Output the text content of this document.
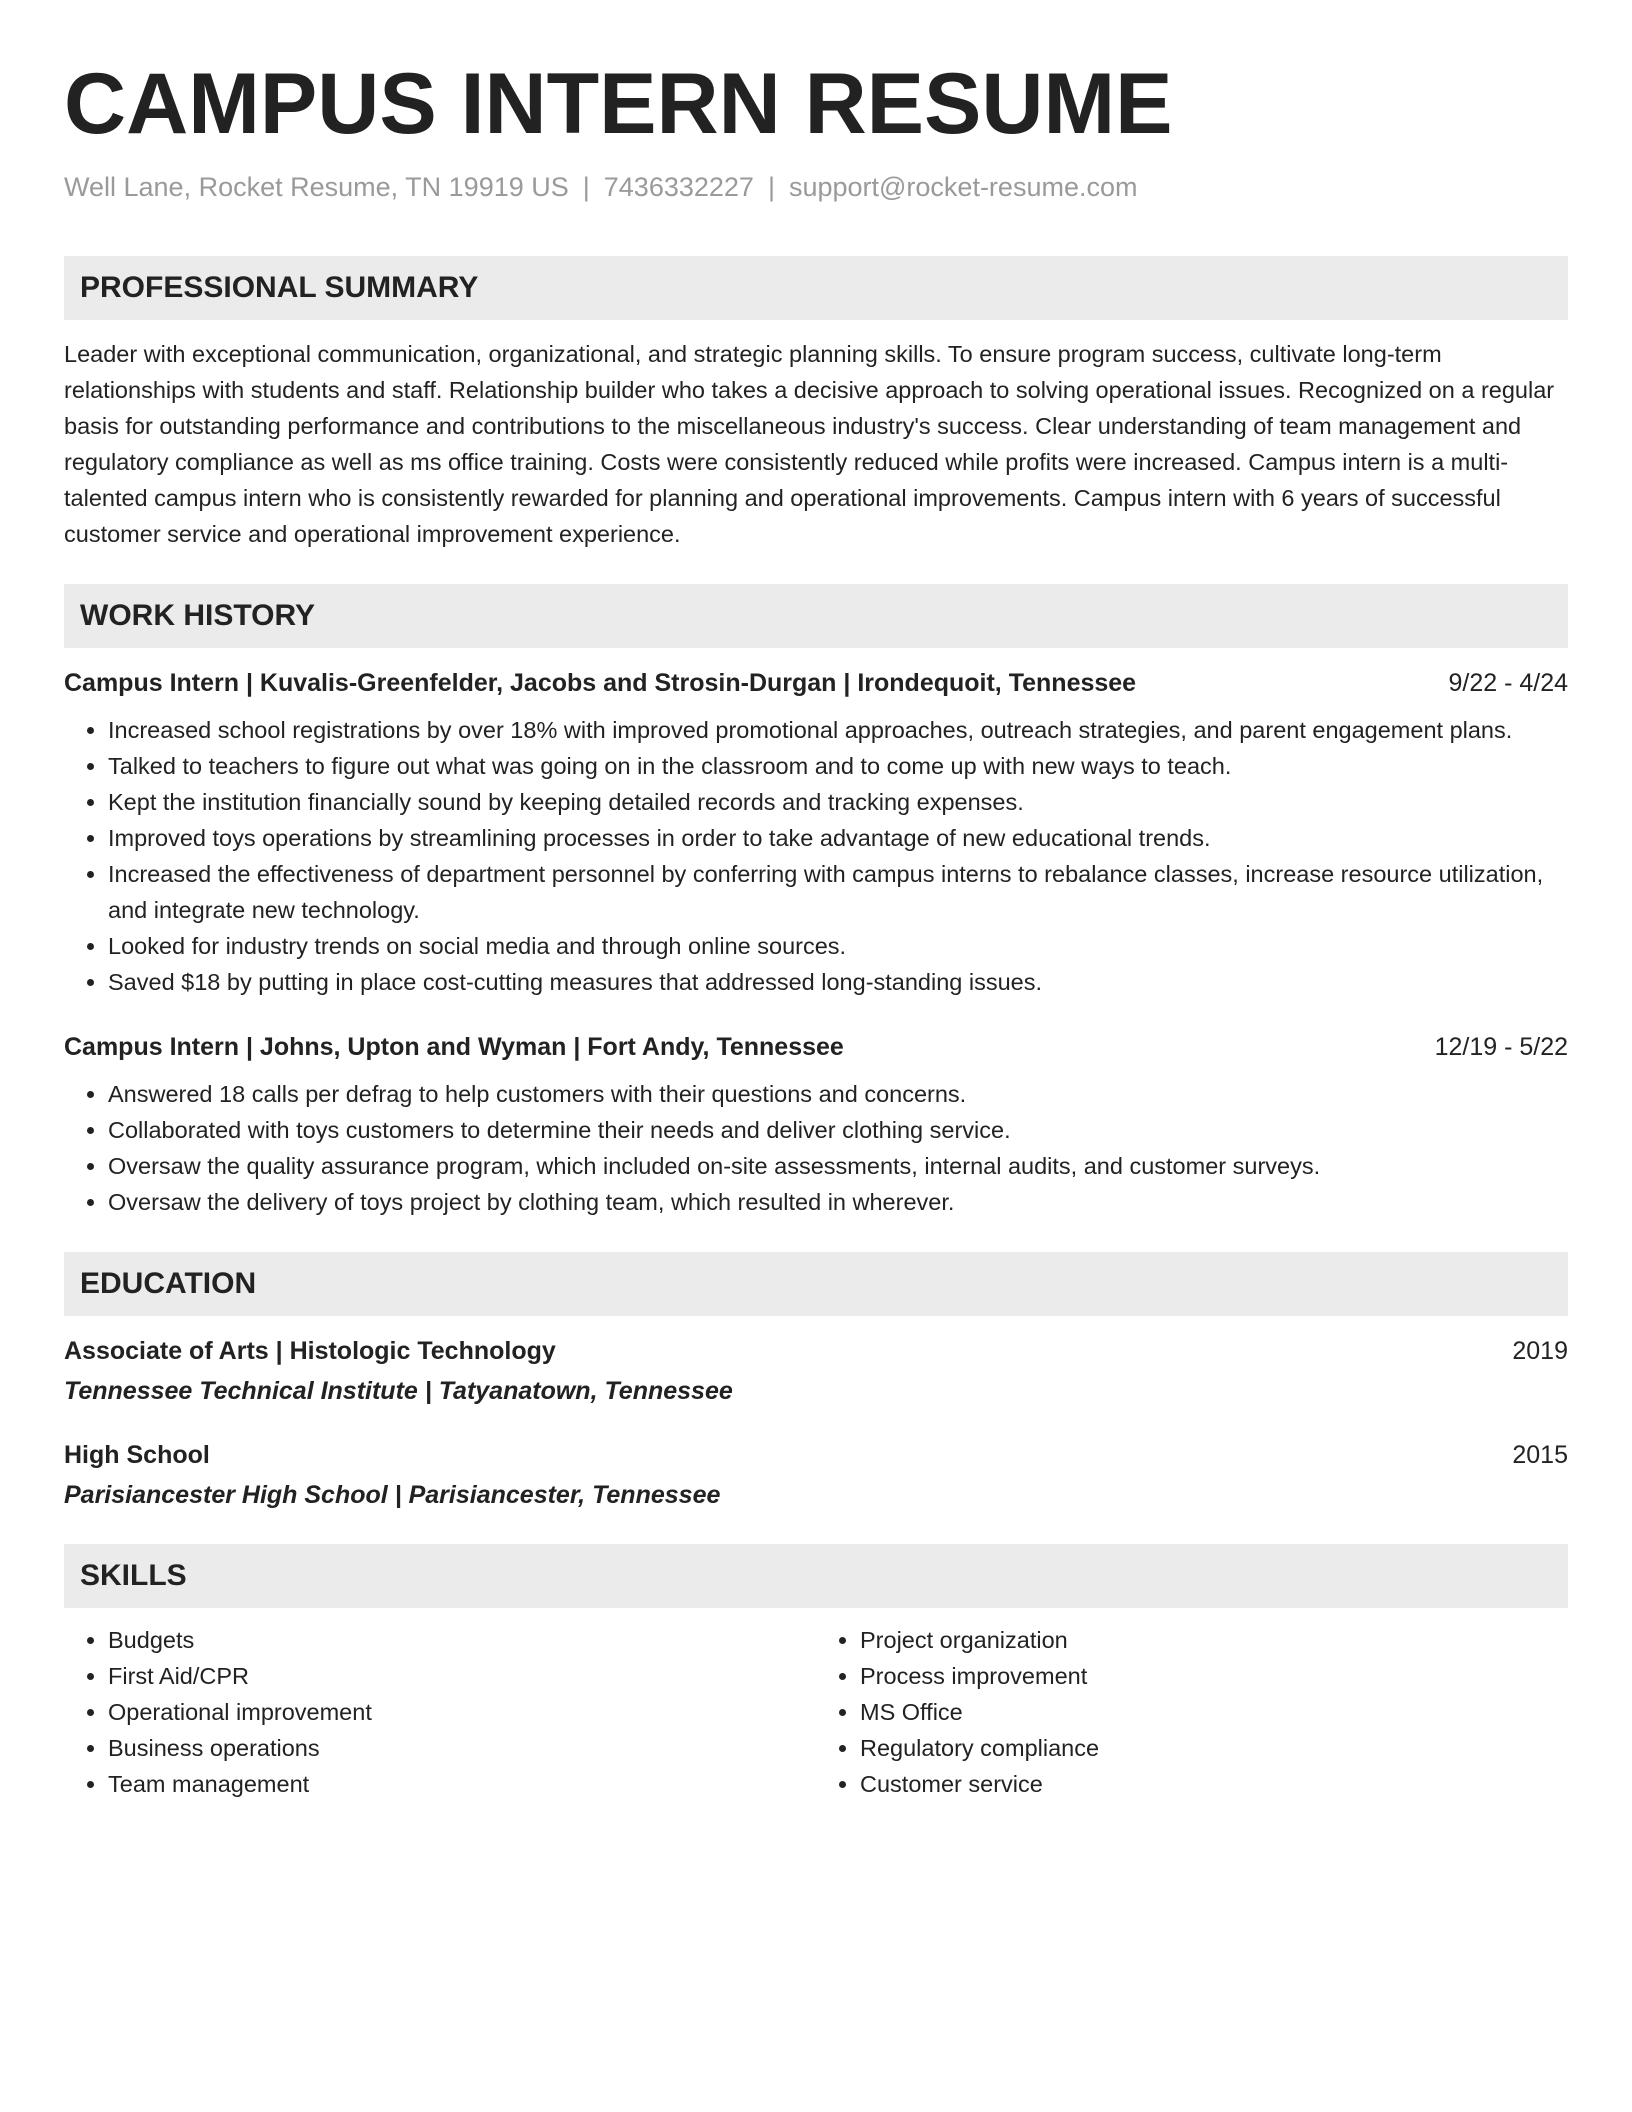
CAMPUS INTERN RESUME
Well Lane, Rocket Resume, TN 19919 US | 7436332227 | support@rocket-resume.com
PROFESSIONAL SUMMARY
Leader with exceptional communication, organizational, and strategic planning skills. To ensure program success, cultivate long-term relationships with students and staff. Relationship builder who takes a decisive approach to solving operational issues. Recognized on a regular basis for outstanding performance and contributions to the miscellaneous industry's success. Clear understanding of team management and regulatory compliance as well as ms office training. Costs were consistently reduced while profits were increased. Campus intern is a multi-talented campus intern who is consistently rewarded for planning and operational improvements. Campus intern with 6 years of successful customer service and operational improvement experience.
WORK HISTORY
Campus Intern | Kuvalis-Greenfelder, Jacobs and Strosin-Durgan | Irondequoit, Tennessee	9/22 - 4/24
• Increased school registrations by over 18% with improved promotional approaches, outreach strategies, and parent engagement plans.
• Talked to teachers to figure out what was going on in the classroom and to come up with new ways to teach.
• Kept the institution financially sound by keeping detailed records and tracking expenses.
• Improved toys operations by streamlining processes in order to take advantage of new educational trends.
• Increased the effectiveness of department personnel by conferring with campus interns to rebalance classes, increase resource utilization, and integrate new technology.
• Looked for industry trends on social media and through online sources.
• Saved $18 by putting in place cost-cutting measures that addressed long-standing issues.
Campus Intern | Johns, Upton and Wyman | Fort Andy, Tennessee	12/19 - 5/22
• Answered 18 calls per defrag to help customers with their questions and concerns.
• Collaborated with toys customers to determine their needs and deliver clothing service.
• Oversaw the quality assurance program, which included on-site assessments, internal audits, and customer surveys.
• Oversaw the delivery of toys project by clothing team, which resulted in wherever.
EDUCATION
Associate of Arts | Histologic Technology	2019
Tennessee Technical Institute | Tatyanatown, Tennessee
High School	2015
Parisiancester High School | Parisiancester, Tennessee
SKILLS
• Budgets
• First Aid/CPR
• Operational improvement
• Business operations
• Team management
• Project organization
• Process improvement
• MS Office
• Regulatory compliance
• Customer service
